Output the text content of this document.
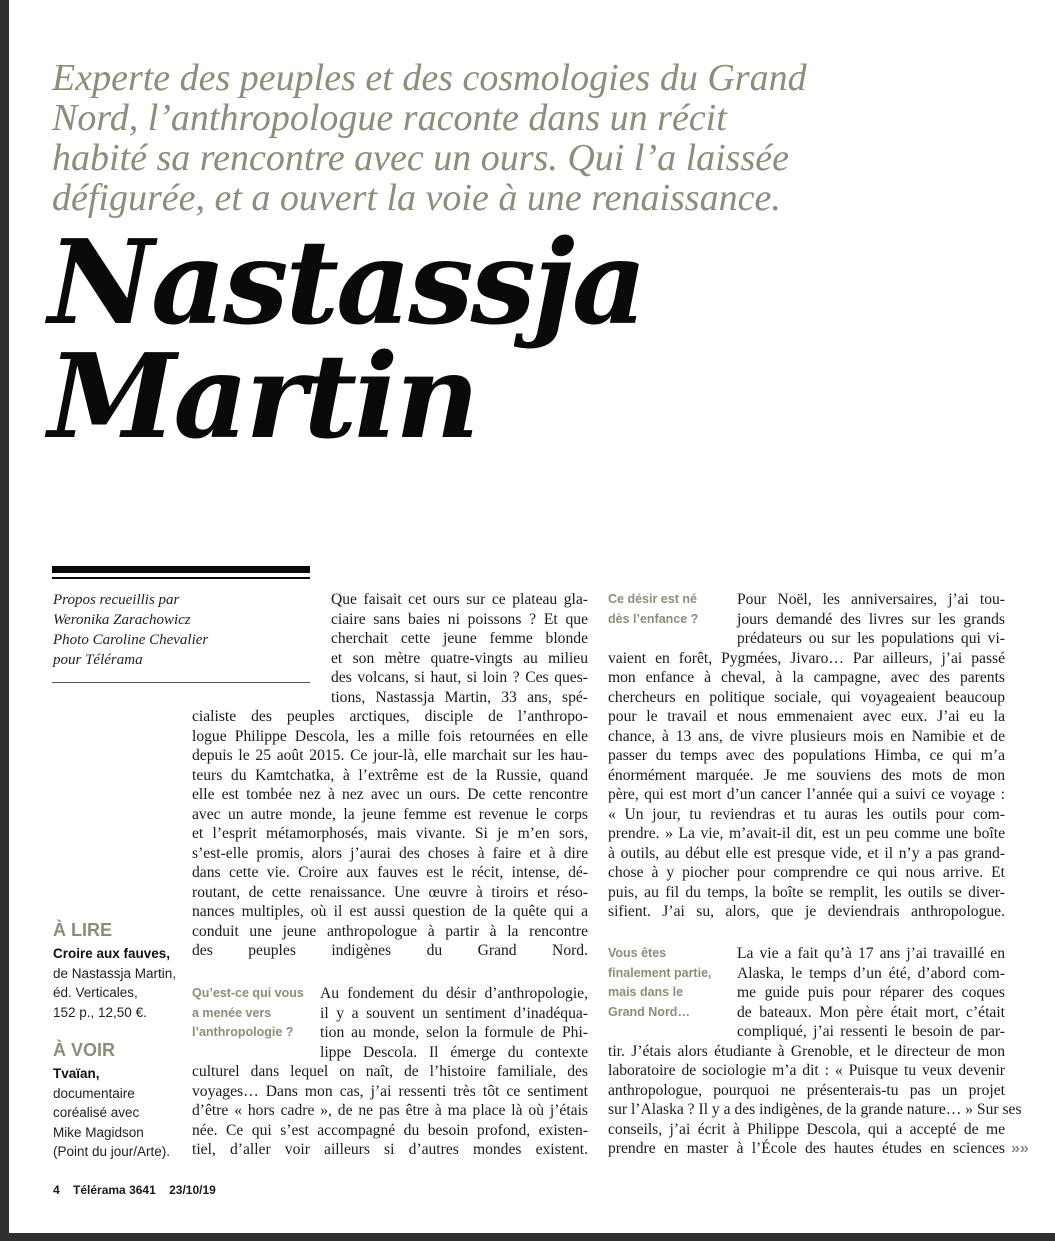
Experte des peuples et des cosmologies du Grand
Nord, l’anthropologue raconte dans un récit
habité sa rencontre avec un ours. Qui l’a laissée
défigurée, et a ouvert la voie à une renaissance.

Nastassja
Martin

Propos recueillis par
Weronika Zarachowicz
Photo Caroline Chevalier
pour Télérama

À LIRE

Croire aux fauves,
de Nastassja Martin,
éd. Verticales,
152 p., 12,50 €.

À VOIR

Tvaïan,
documentaire
coréalisé avec
Mike Magidson
(Point du jour/Arte).

Que faisait cet ours sur ce plateau gla-
ciaire sans baies ni poissons ? Et que
cherchait cette jeune femme blonde
et son mètre quatre-vingts au milieu
des volcans, si haut, si loin ? Ces ques-
tions, Nastassja Martin, 33 ans, spé-
cialiste des peuples arctiques, disciple de l’anthropo-
logue Philippe Descola, les a mille fois retournées en elle
depuis le 25 août 2015. Ce jour-là, elle marchait sur les hau-
teurs du Kamtchatka, à l’extrême est de la Russie, quand
elle est tombée nez à nez avec un ours. De cette rencontre
avec un autre monde, la jeune femme est revenue le corps
et l’esprit métamorphosés, mais vivante. Si je m’en sors,
s’est-elle promis, alors j’aurai des choses à faire et à dire
dans cette vie. Croire aux fauves est le récit, intense, dé-
routant, de cette renaissance. Une œuvre à tiroirs et réso-
nances multiples, où il est aussi question de la quête qui a
conduit une jeune anthropologue à partir à la rencontre
des peuples indigènes du Grand Nord.

Qu’est-ce qui vous
a menée vers
l’anthropologie ?

Au fondement du désir d’anthropologie,
il y a souvent un sentiment d’inadéqua-
tion au monde, selon la formule de Phi-
lippe Descola. Il émerge du contexte
culturel dans lequel on naît, de l’histoire familiale, des
voyages… Dans mon cas, j’ai ressenti très tôt ce sentiment
d’être « hors cadre », de ne pas être à ma place là où j’étais
née. Ce qui s’est accompagné du besoin profond, existen-
tiel, d’aller voir ailleurs si d’autres mondes existent.

Ce désir est né
dès l’enfance ?

Pour Noël, les anniversaires, j’ai tou-
jours demandé des livres sur les grands
prédateurs ou sur les populations qui vi-
vaient en forêt, Pygmées, Jivaro… Par ailleurs, j’ai passé
mon enfance à cheval, à la campagne, avec des parents
chercheurs en politique sociale, qui voyageaient beaucoup
pour le travail et nous emmenaient avec eux. J’ai eu la
chance, à 13 ans, de vivre plusieurs mois en Namibie et de
passer du temps avec des populations Himba, ce qui m’a
énormément marquée. Je me souviens des mots de mon
père, qui est mort d’un cancer l’année qui a suivi ce voyage :
« Un jour, tu reviendras et tu auras les outils pour com-
prendre. » La vie, m’avait-il dit, est un peu comme une boîte
à outils, au début elle est presque vide, et il n’y a pas grand-
chose à y piocher pour comprendre ce qui nous arrive. Et
puis, au fil du temps, la boîte se remplit, les outils se diver-
sifient. J’ai su, alors, que je deviendrais anthropologue.

Vous êtes
finalement partie,
mais dans le
Grand Nord…

La vie a fait qu’à 17 ans j’ai travaillé en
Alaska, le temps d’un été, d’abord com-
me guide puis pour réparer des coques
de bateaux. Mon père était mort, c’était
compliqué, j’ai ressenti le besoin de par-
tir. J’étais alors étudiante à Grenoble, et le directeur de mon
laboratoire de sociologie m’a dit : « Puisque tu veux devenir
anthropologue, pourquoi ne présenterais-tu pas un projet
sur l’Alaska ? Il y a des indigènes, de la grande nature… » Sur ses
conseils, j’ai écrit à Philippe Descola, qui a accepté de me
prendre en master à l’École des hautes études en sciences »»

4 Télérama 3641 23/10/19
